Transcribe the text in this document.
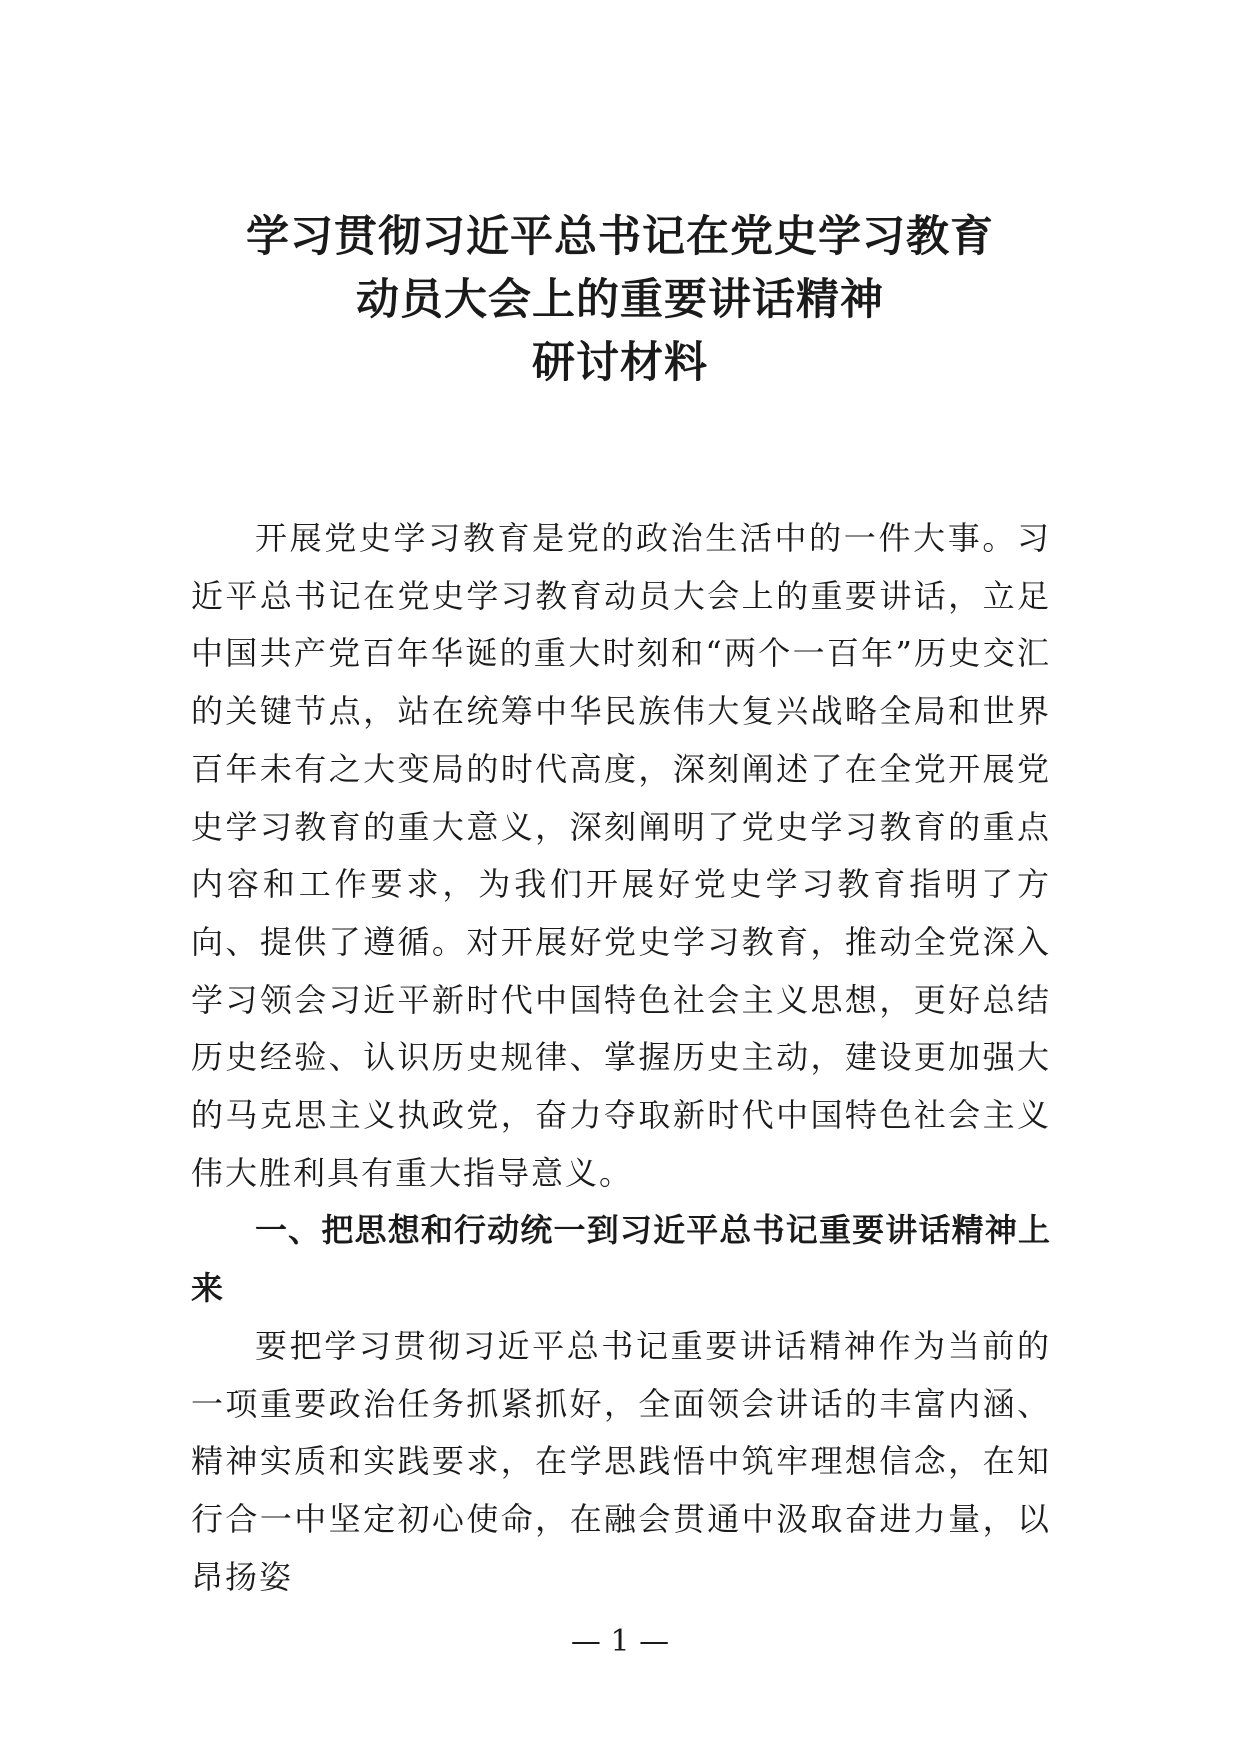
学习贯彻习近平总书记在党史学习教育
动员大会上的重要讲话精神
研讨材料

开展党史学习教育是党的政治生活中的一件大事。习近平总书记在党史学习教育动员大会上的重要讲话，立足中国共产党百年华诞的重大时刻和“两个一百年”历史交汇的关键节点，站在统筹中华民族伟大复兴战略全局和世界百年未有之大变局的时代高度，深刻阐述了在全党开展党史学习教育的重大意义，深刻阐明了党史学习教育的重点内容和工作要求，为我们开展好党史学习教育指明了方向、提供了遵循。对开展好党史学习教育，推动全党深入学习领会习近平新时代中国特色社会主义思想，更好总结历史经验、认识历史规律、掌握历史主动，建设更加强大的马克思主义执政党，奋力夺取新时代中国特色社会主义伟大胜利具有重大指导意义。

一、把思想和行动统一到习近平总书记重要讲话精神上来

要把学习贯彻习近平总书记重要讲话精神作为当前的一项重要政治任务抓紧抓好，全面领会讲话的丰富内涵、精神实质和实践要求，在学思践悟中筑牢理想信念，在知行合一中坚定初心使命，在融会贯通中汲取奋进力量，以昂扬姿

— 1 —
